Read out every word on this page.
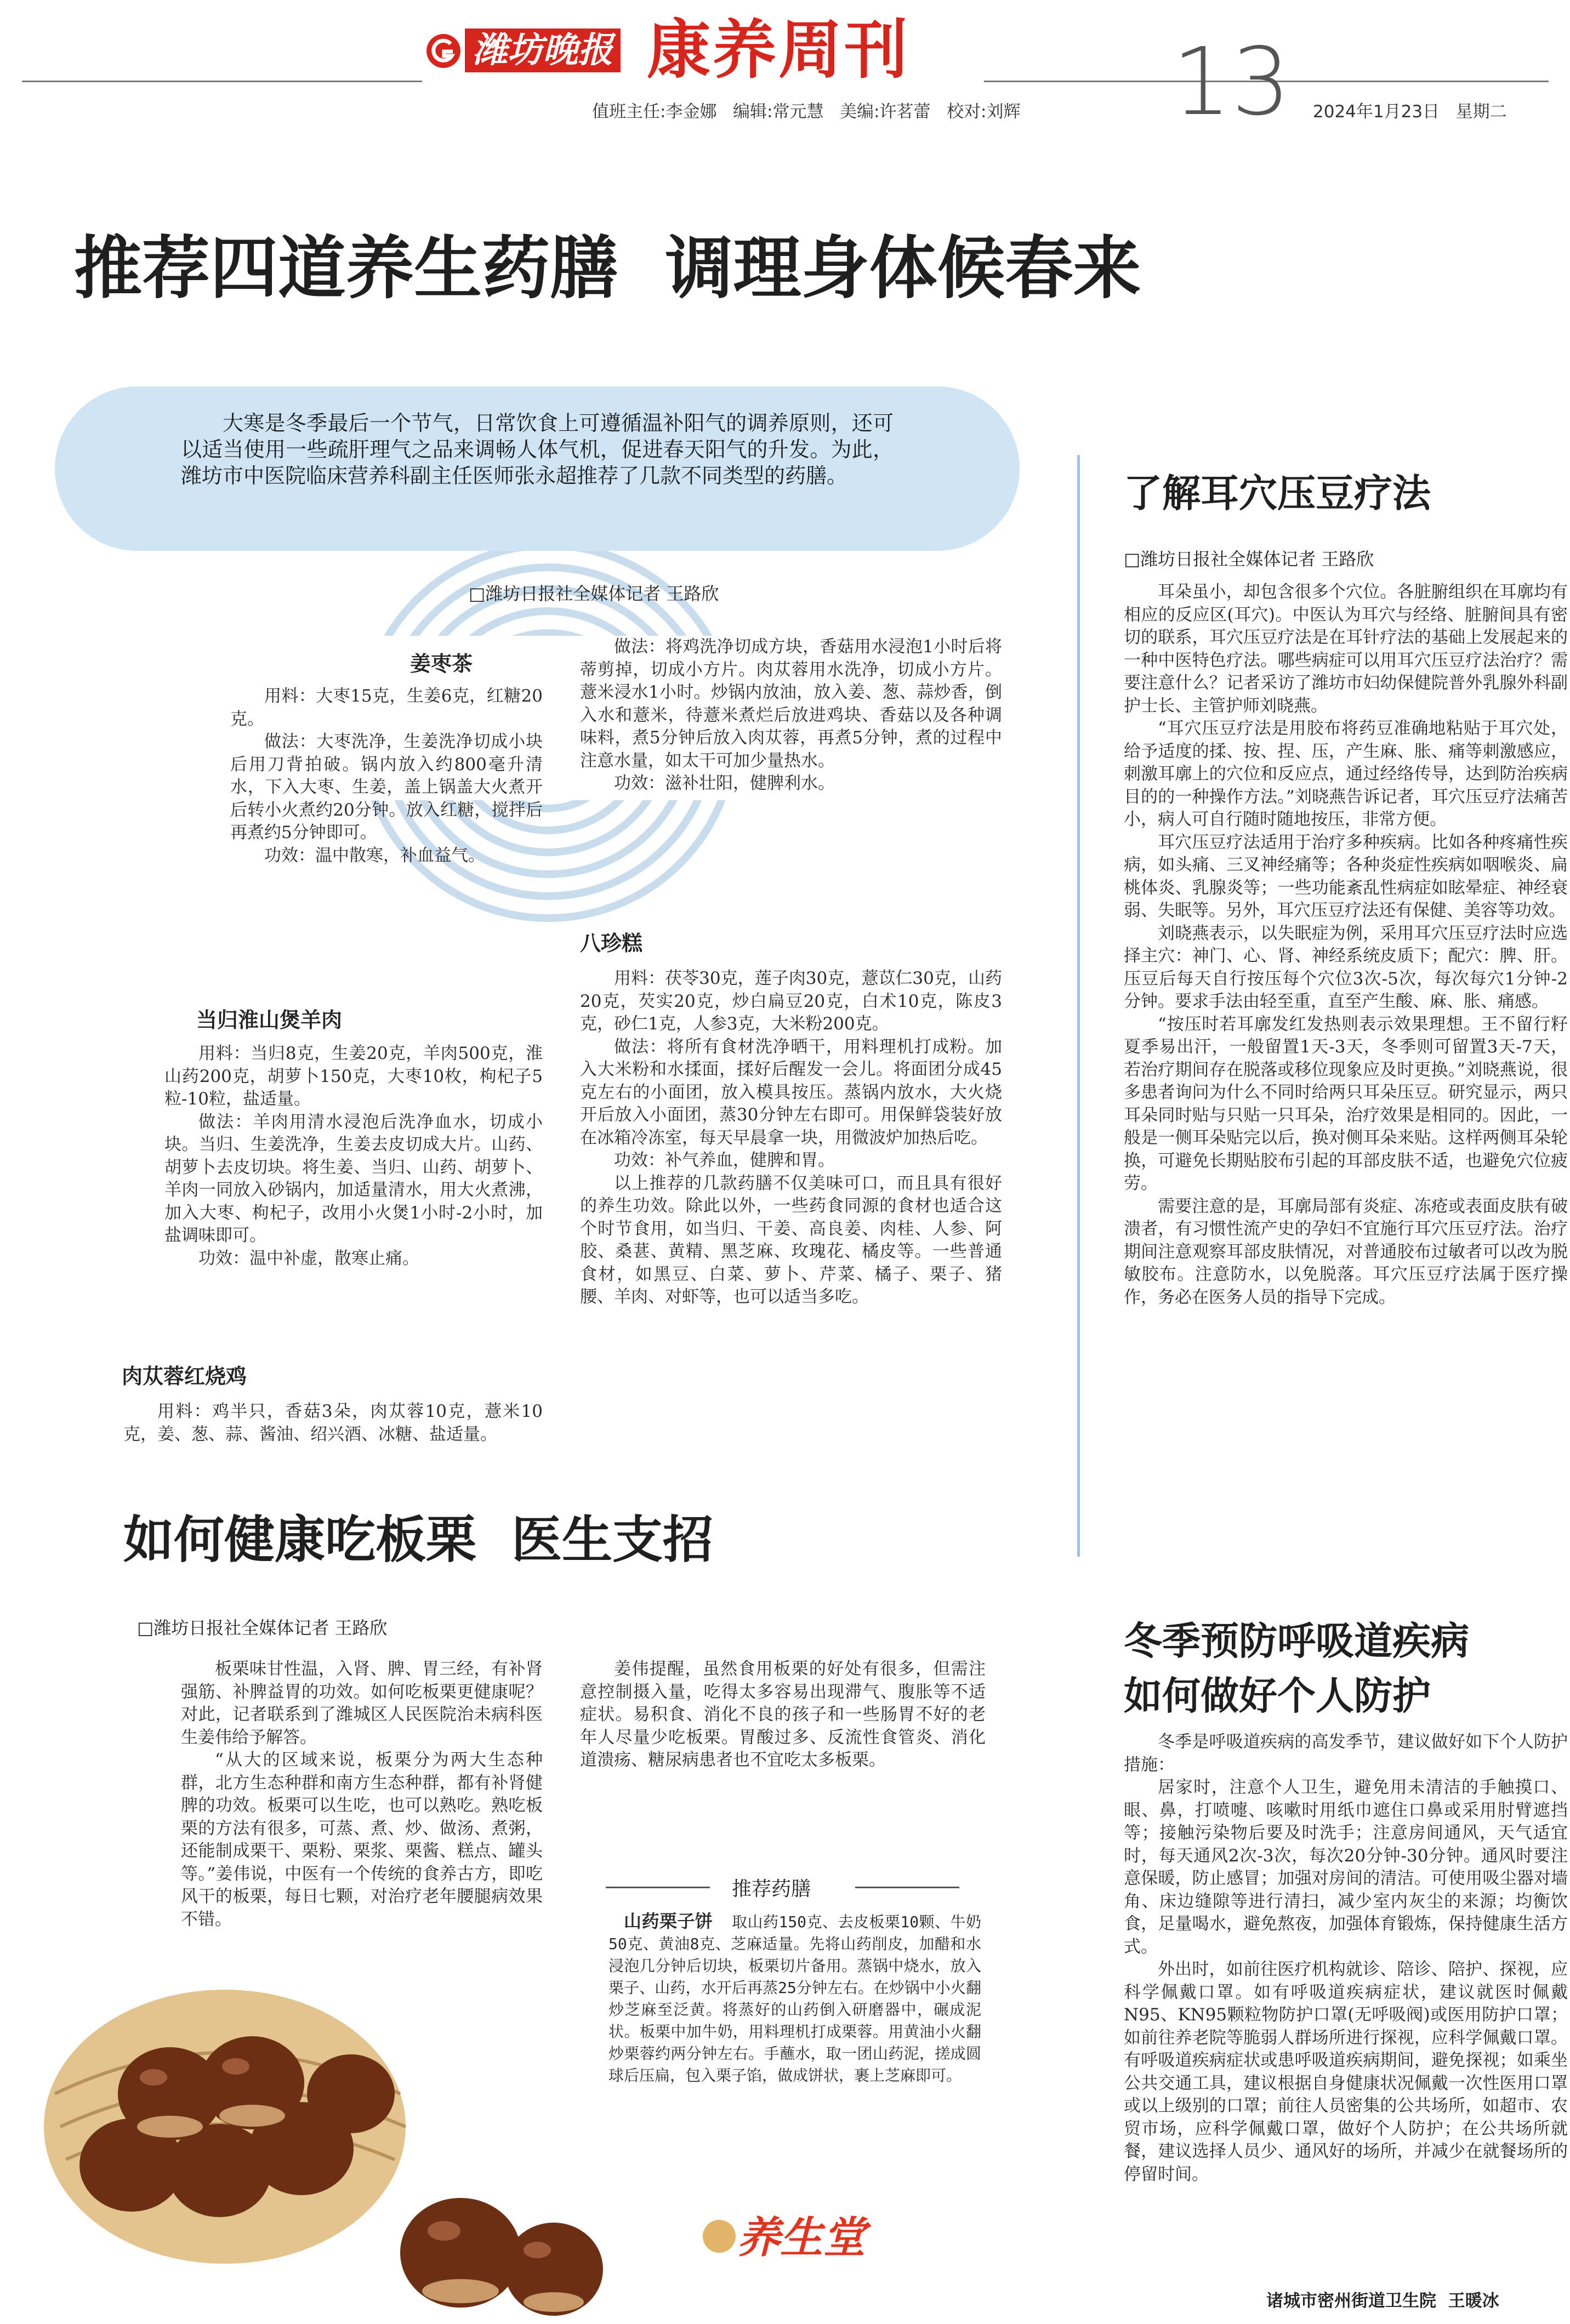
潍坊晚报 康养周刊
值班主任:李金娜   编辑:常元慧   美编:许茗蕾   校对:刘辉 13 2024年1月23日   星期二
推荐四道养生药膳  调理身体候春来
大寒是冬季最后一个节气，日常饮食上可遵循温补阳气的调养原则，还可以适当使用一些疏肝理气之品来调畅人体气机，促进春天阳气的升发。为此，潍坊市中医院临床营养科副主任医师张永超推荐了几款不同类型的药膳。
□潍坊日报社全媒体记者 王路欣
姜枣茶

用料：大枣15克，生姜6克，红糖20克。

做法：大枣洗净，生姜洗净切成小块后用刀背拍破。锅内放入约800毫升清水，下入大枣、生姜，盖上锅盖大火煮开后转小火煮约20分钟。放入红糖，搅拌后再煮约5分钟即可。

功效：温中散寒，补血益气。

当归淮山煲羊肉

用料：当归8克，生姜20克，羊肉500克，淮山药200克，胡萝卜150克，大枣10枚，枸杞子5粒-10粒，盐适量。

做法：羊肉用清水浸泡后洗净血水，切成小块。当归、生姜洗净，生姜去皮切成大片。山药、胡萝卜去皮切块。将生姜、当归、山药、胡萝卜、羊肉一同放入砂锅内，加适量清水，用大火煮沸，加入大枣、枸杞子，改用小火煲1小时-2小时，加盐调味即可。

功效：温中补虚，散寒止痛。

肉苁蓉红烧鸡

用料：鸡半只，香菇3朵，肉苁蓉10克，薏米10克，姜、葱、蒜、酱油、绍兴酒、冰糖、盐适量。

做法：将鸡洗净切成方块，香菇用水浸泡1小时后将蒂剪掉，切成小方片。肉苁蓉用水洗净，切成小方片。薏米浸水1小时。炒锅内放油，放入姜、葱、蒜炒香，倒入水和薏米，待薏米煮烂后放进鸡块、香菇以及各种调味料，煮5分钟后放入肉苁蓉，再煮5分钟，煮的过程中注意水量，如太干可加少量热水。

功效：滋补壮阳，健脾利水。

八珍糕

用料：茯苓30克，莲子肉30克，薏苡仁30克，山药20克，芡实20克，炒白扁豆20克，白术10克，陈皮3克，砂仁1克，人参3克，大米粉200克。

做法：将所有食材洗净晒干，用料理机打成粉。加入大米粉和水揉面，揉好后醒发一会儿。将面团分成45克左右的小面团，放入模具按压。蒸锅内放水，大火烧开后放入小面团，蒸30分钟左右即可。用保鲜袋装好放在冰箱冷冻室，每天早晨拿一块，用微波炉加热后吃。

功效：补气养血，健脾和胃。

以上推荐的几款药膳不仅美味可口，而且具有很好的养生功效。除此以外，一些药食同源的食材也适合这个时节食用，如当归、干姜、高良姜、肉桂、人参、阿胶、桑葚、黄精、黑芝麻、玫瑰花、橘皮等。一些普通食材，如黑豆、白菜、萝卜、芹菜、橘子、栗子、猪腰、羊肉、对虾等，也可以适当多吃。

了解耳穴压豆疗法
□潍坊日报社全媒体记者 王路欣

耳朵虽小，却包含很多个穴位。各脏腑组织在耳廓均有相应的反应区(耳穴)。中医认为耳穴与经络、脏腑间具有密切的联系，耳穴压豆疗法是在耳针疗法的基础上发展起来的一种中医特色疗法。哪些病症可以用耳穴压豆疗法治疗？需要注意什么？记者采访了潍坊市妇幼保健院普外乳腺外科副护士长、主管护师刘晓燕。

“耳穴压豆疗法是用胶布将药豆准确地粘贴于耳穴处，给予适度的揉、按、捏、压，产生麻、胀、痛等刺激感应，刺激耳廓上的穴位和反应点，通过经络传导，达到防治疾病目的的一种操作方法。”刘晓燕告诉记者，耳穴压豆疗法痛苦小，病人可自行随时随地按压，非常方便。

耳穴压豆疗法适用于治疗多种疾病。比如各种疼痛性疾病，如头痛、三叉神经痛等；各种炎症性疾病如咽喉炎、扁桃体炎、乳腺炎等；一些功能紊乱性病症如眩晕症、神经衰弱、失眠等。另外，耳穴压豆疗法还有保健、美容等功效。

刘晓燕表示，以失眠症为例，采用耳穴压豆疗法时应选择主穴：神门、心、肾、神经系统皮质下；配穴：脾、肝。压豆后每天自行按压每个穴位3次-5次，每次每穴1分钟-2分钟。要求手法由轻至重，直至产生酸、麻、胀、痛感。

“按压时若耳廓发红发热则表示效果理想。王不留行籽夏季易出汗，一般留置1天-3天，冬季则可留置3天-7天，若治疗期间存在脱落或移位现象应及时更换。”刘晓燕说，很多患者询问为什么不同时给两只耳朵压豆。研究显示，两只耳朵同时贴与只贴一只耳朵，治疗效果是相同的。因此，一般是一侧耳朵贴完以后，换对侧耳朵来贴。这样两侧耳朵轮换，可避免长期贴胶布引起的耳部皮肤不适，也避免穴位疲劳。

需要注意的是，耳廓局部有炎症、冻疮或表面皮肤有破溃者，有习惯性流产史的孕妇不宜施行耳穴压豆疗法。治疗期间注意观察耳部皮肤情况，对普通胶布过敏者可以改为脱敏胶布。注意防水，以免脱落。耳穴压豆疗法属于医疗操作，务必在医务人员的指导下完成。

如何健康吃板栗  医生支招
□潍坊日报社全媒体记者 王路欣

板栗味甘性温，入肾、脾、胃三经，有补肾强筋、补脾益胃的功效。如何吃板栗更健康呢？对此，记者联系到了潍城区人民医院治未病科医生姜伟给予解答。

“从大的区域来说，板栗分为两大生态种群，北方生态种群和南方生态种群，都有补肾健脾的功效。板栗可以生吃，也可以熟吃。熟吃板栗的方法有很多，可蒸、煮、炒、做汤、煮粥，还能制成栗干、栗粉、栗浆、栗酱、糕点、罐头等。”姜伟说，中医有一个传统的食养古方，即吃风干的板栗，每日七颗，对治疗老年腰腿病效果不错。

姜伟提醒，虽然食用板栗的好处有很多，但需注意控制摄入量，吃得太多容易出现滞气、腹胀等不适症状。易积食、消化不良的孩子和一些肠胃不好的老年人尽量少吃板栗。胃酸过多、反流性食管炎、消化道溃疡、糖尿病患者也不宜吃太多板栗。

推荐药膳
山药栗子饼 取山药150克、去皮板栗10颗、牛奶50克、黄油8克、芝麻适量。先将山药削皮，加醋和水浸泡几分钟后切块，板栗切片备用。蒸锅中烧水，放入栗子、山药，水开后再蒸25分钟左右。在炒锅中小火翻炒芝麻至泛黄。将蒸好的山药倒入研磨器中，碾成泥状。板栗中加牛奶，用料理机打成栗蓉。用黄油小火翻炒栗蓉约两分钟左右。手蘸水，取一团山药泥，搓成圆球后压扁，包入栗子馅，做成饼状，裹上芝麻即可。
养生堂
冬季预防呼吸道疾病
如何做好个人防护

冬季是呼吸道疾病的高发季节，建议做好如下个人防护措施：

居家时，注意个人卫生，避免用未清洁的手触摸口、眼、鼻，打喷嚏、咳嗽时用纸巾遮住口鼻或采用肘臂遮挡等；接触污染物后要及时洗手；注意房间通风，天气适宜时，每天通风2次-3次，每次20分钟-30分钟。通风时要注意保暖，防止感冒；加强对房间的清洁。可使用吸尘器对墙角、床边缝隙等进行清扫，减少室内灰尘的来源；均衡饮食，足量喝水，避免熬夜，加强体育锻炼，保持健康生活方式。

外出时，如前往医疗机构就诊、陪诊、陪护、探视，应科学佩戴口罩。如有呼吸道疾病症状，建议就医时佩戴N95、KN95颗粒物防护口罩(无呼吸阀)或医用防护口罩；如前往养老院等脆弱人群场所进行探视，应科学佩戴口罩。有呼吸道疾病症状或患呼吸道疾病期间，避免探视；如乘坐公共交通工具，建议根据自身健康状况佩戴一次性医用口罩或以上级别的口罩；前往人员密集的公共场所，如超市、农贸市场，应科学佩戴口罩，做好个人防护；在公共场所就餐，建议选择人员少、通风好的场所，并减少在就餐场所的停留时间。

诸城市密州街道卫生院  王暖冰
